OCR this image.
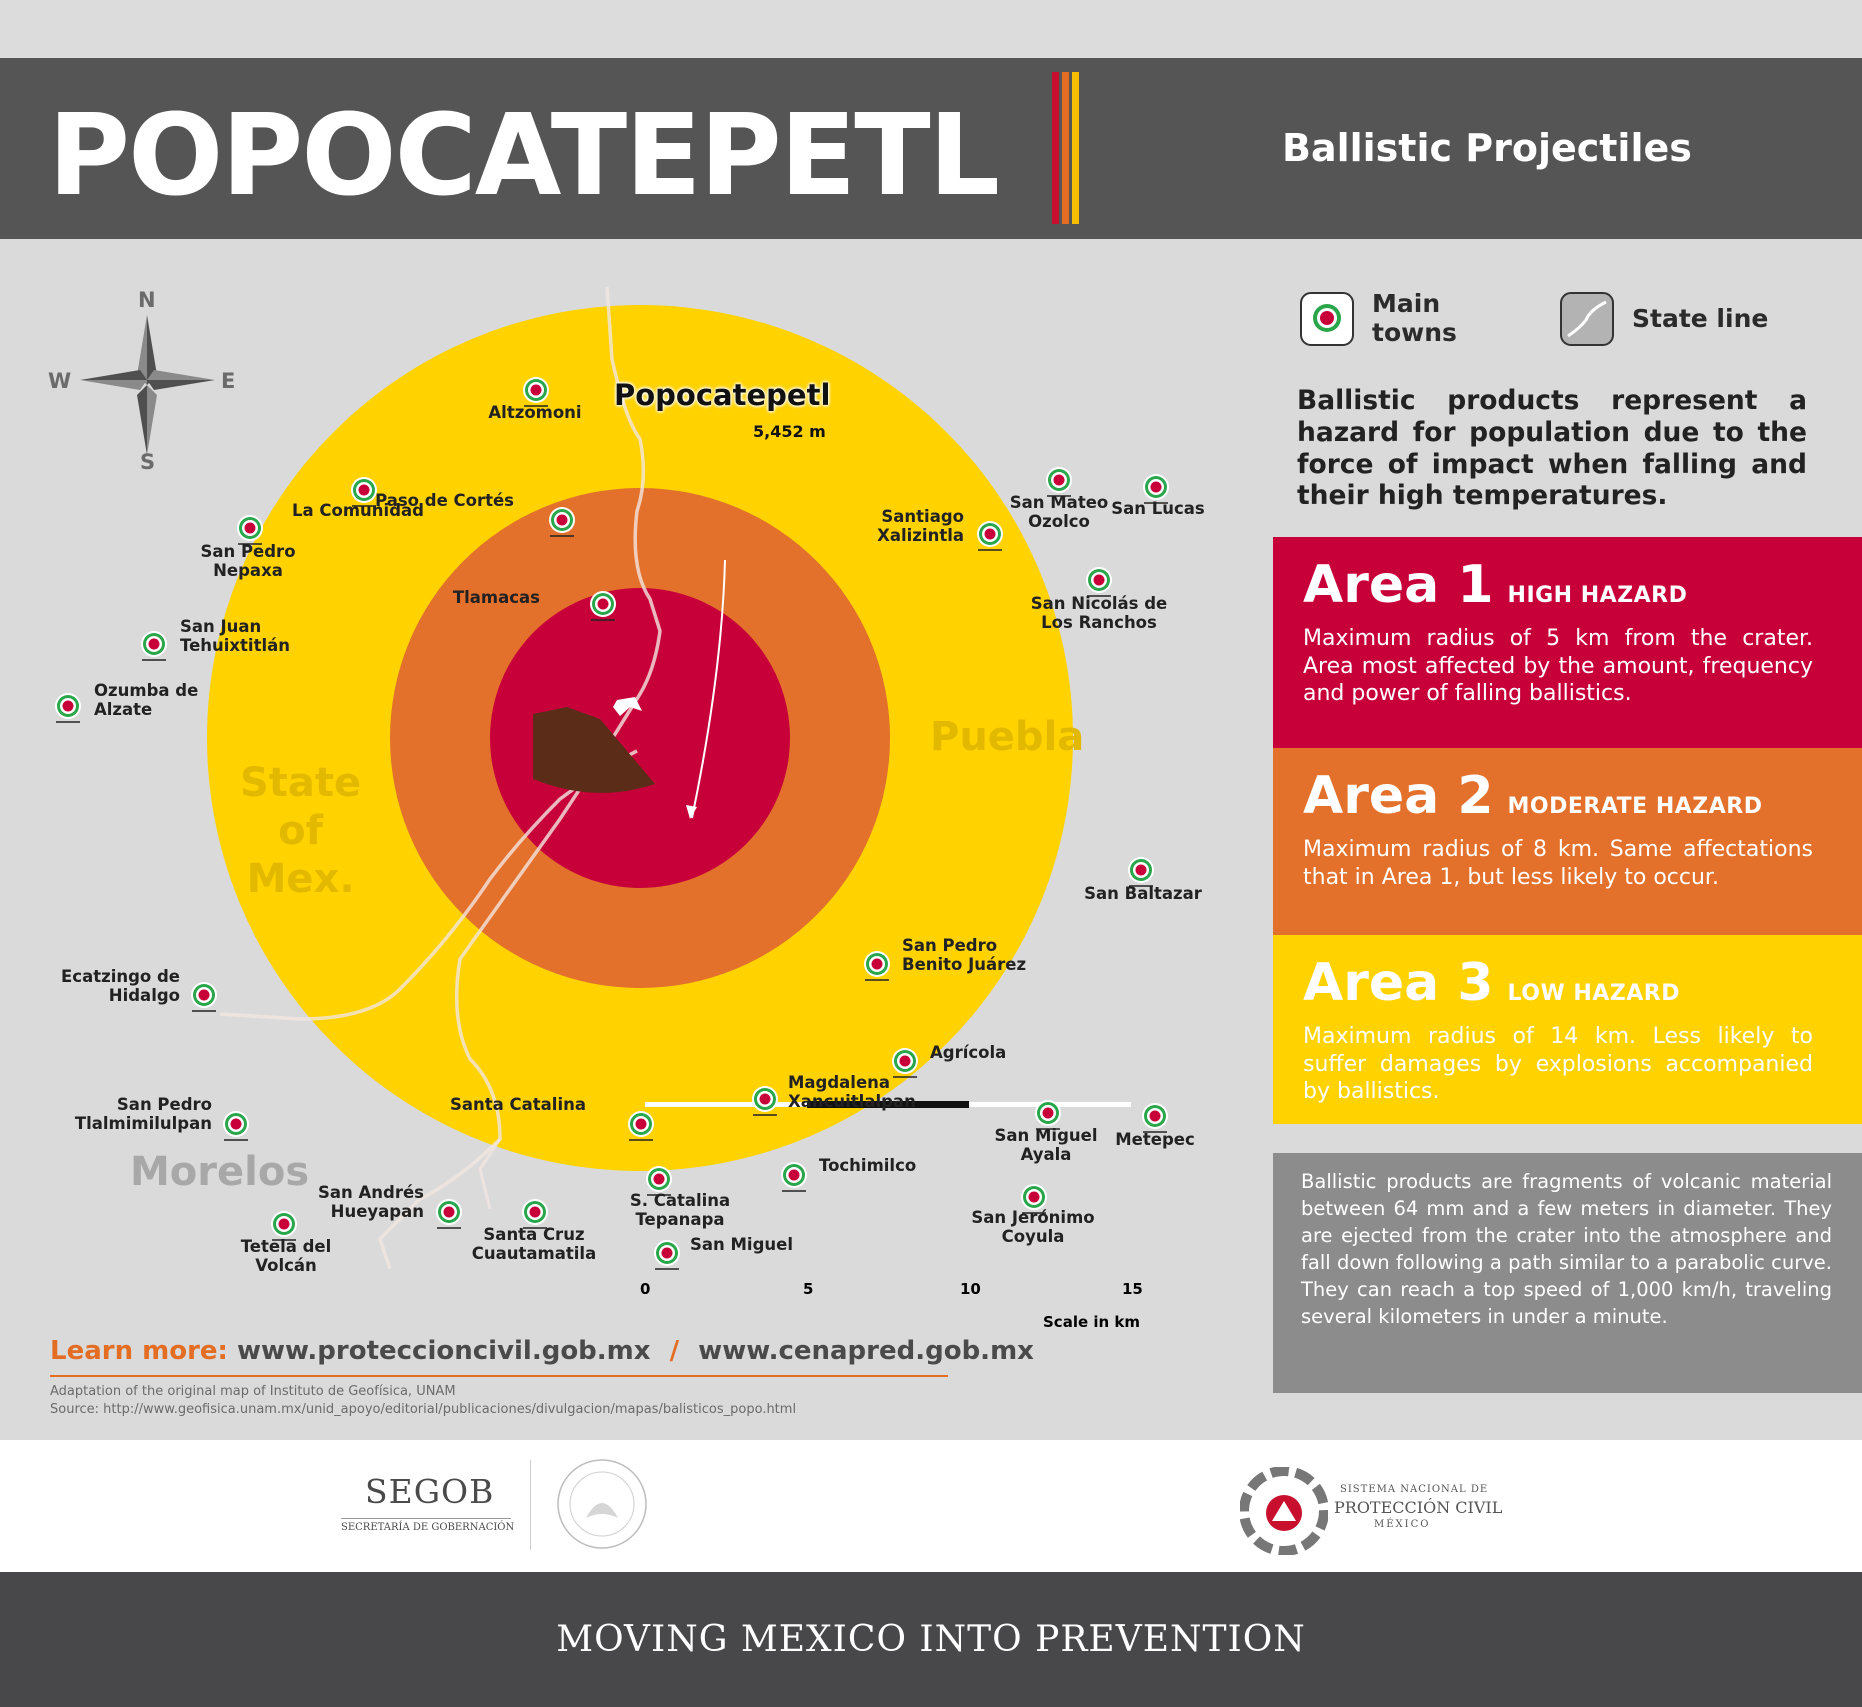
POPOCATEPETL	Ballistic Projectiles
N
S
E
W	Popocatepetl
5,452 m
State
of
Mex.
Puebla
Morelos
Altzomoni
La Comunidad
Paso de Cortés
San Pedro Nepaxa
Tlamacas
San Juan Tehuixtitlán
Ozumba de Alzate
Santiago Xalizintla
San Mateo Ozolco
San Lucas
San Nicolás de Los Ranchos
San Baltazar
San Pedro Benito Juárez
Ecatzingo de Hidalgo
Agrícola
Magdalena Xancuitlalpan
Santa Catalina
San Pedro Tlalmimilulpan
San Miguel Ayala
Metepec
Tochimilco
S. Catalina Tepanapa
San Andrés Hueyapan
Santa Cruz Cuautamatila
San Jerónimo Coyula
Tetela del Volcán
San Miguel
0	5	10	15
Scale in km
Main towns	State line
Ballistic products represent a hazard for population due to the force of impact when falling and their high temperatures.
Area 1 HIGH HAZARD
Maximum radius of 5 km from the crater. Area most affected by the amount, frequency and power of falling ballistics.
Area 2 MODERATE HAZARD
Maximum radius of 8 km. Same affectations that in Area 1, but less likely to occur.
Area 3 LOW HAZARD
Maximum radius of 14 km. Less likely to suffer damages by explosions accompanied by ballistics.
Ballistic products are fragments of volcanic material between 64 mm and a few meters in diameter. They are ejected from the crater into the atmosphere and fall down following a path similar to a parabolic curve. They can reach a top speed of 1,000 km/h, traveling several kilometers in under a minute.
Learn more: www.proteccioncivil.gob.mx / www.cenapred.gob.mx
Adaptation of the original map of Instituto de Geofísica, UNAM
Source: http://www.geofisica.unam.mx/unid_apoyo/editorial/publicaciones/divulgacion/mapas/balisticos_popo.html
SEGOB
SECRETARÍA DE GOBERNACIÓN
SISTEMA NACIONAL DE
PROTECCIÓN CIVIL
MÉXICO
MOVING MEXICO INTO PREVENTION
